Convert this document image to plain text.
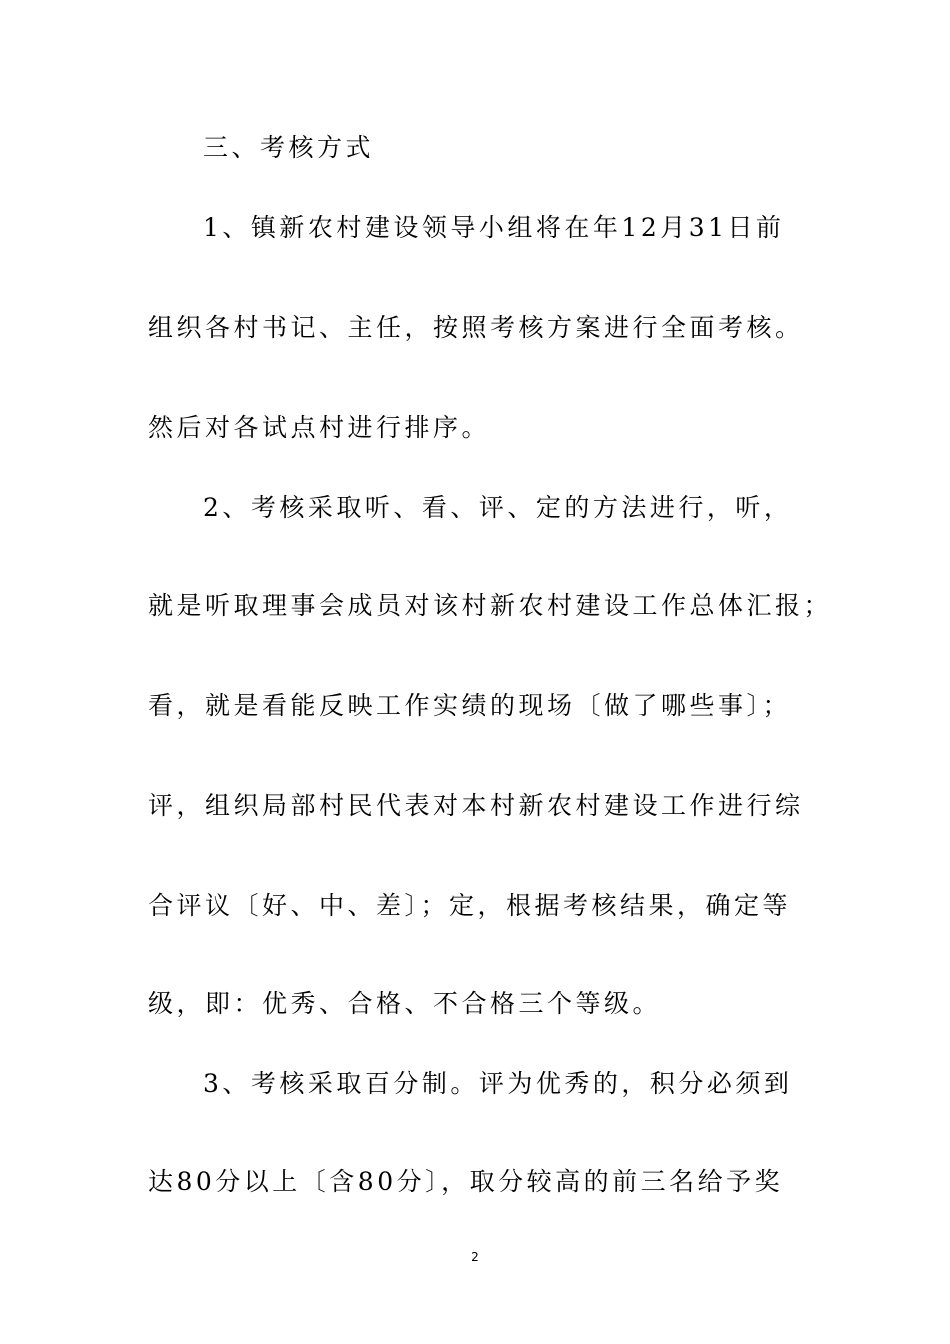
三、考核方式
1、镇新农村建设领导小组将在年12月31日前
组织各村书记、主任，按照考核方案进行全面考核。
然后对各试点村进行排序。
2、考核采取听、看、评、定的方法进行，听，
就是听取理事会成员对该村新农村建设工作总体汇报；
看，就是看能反映工作实绩的现场〔做了哪些事〕；
评，组织局部村民代表对本村新农村建设工作进行综
合评议〔好、中、差〕；定，根据考核结果，确定等
级，即：优秀、合格、不合格三个等级。
3、考核采取百分制。评为优秀的，积分必须到
达80分以上〔含80分〕，取分较高的前三名给予奖
2
